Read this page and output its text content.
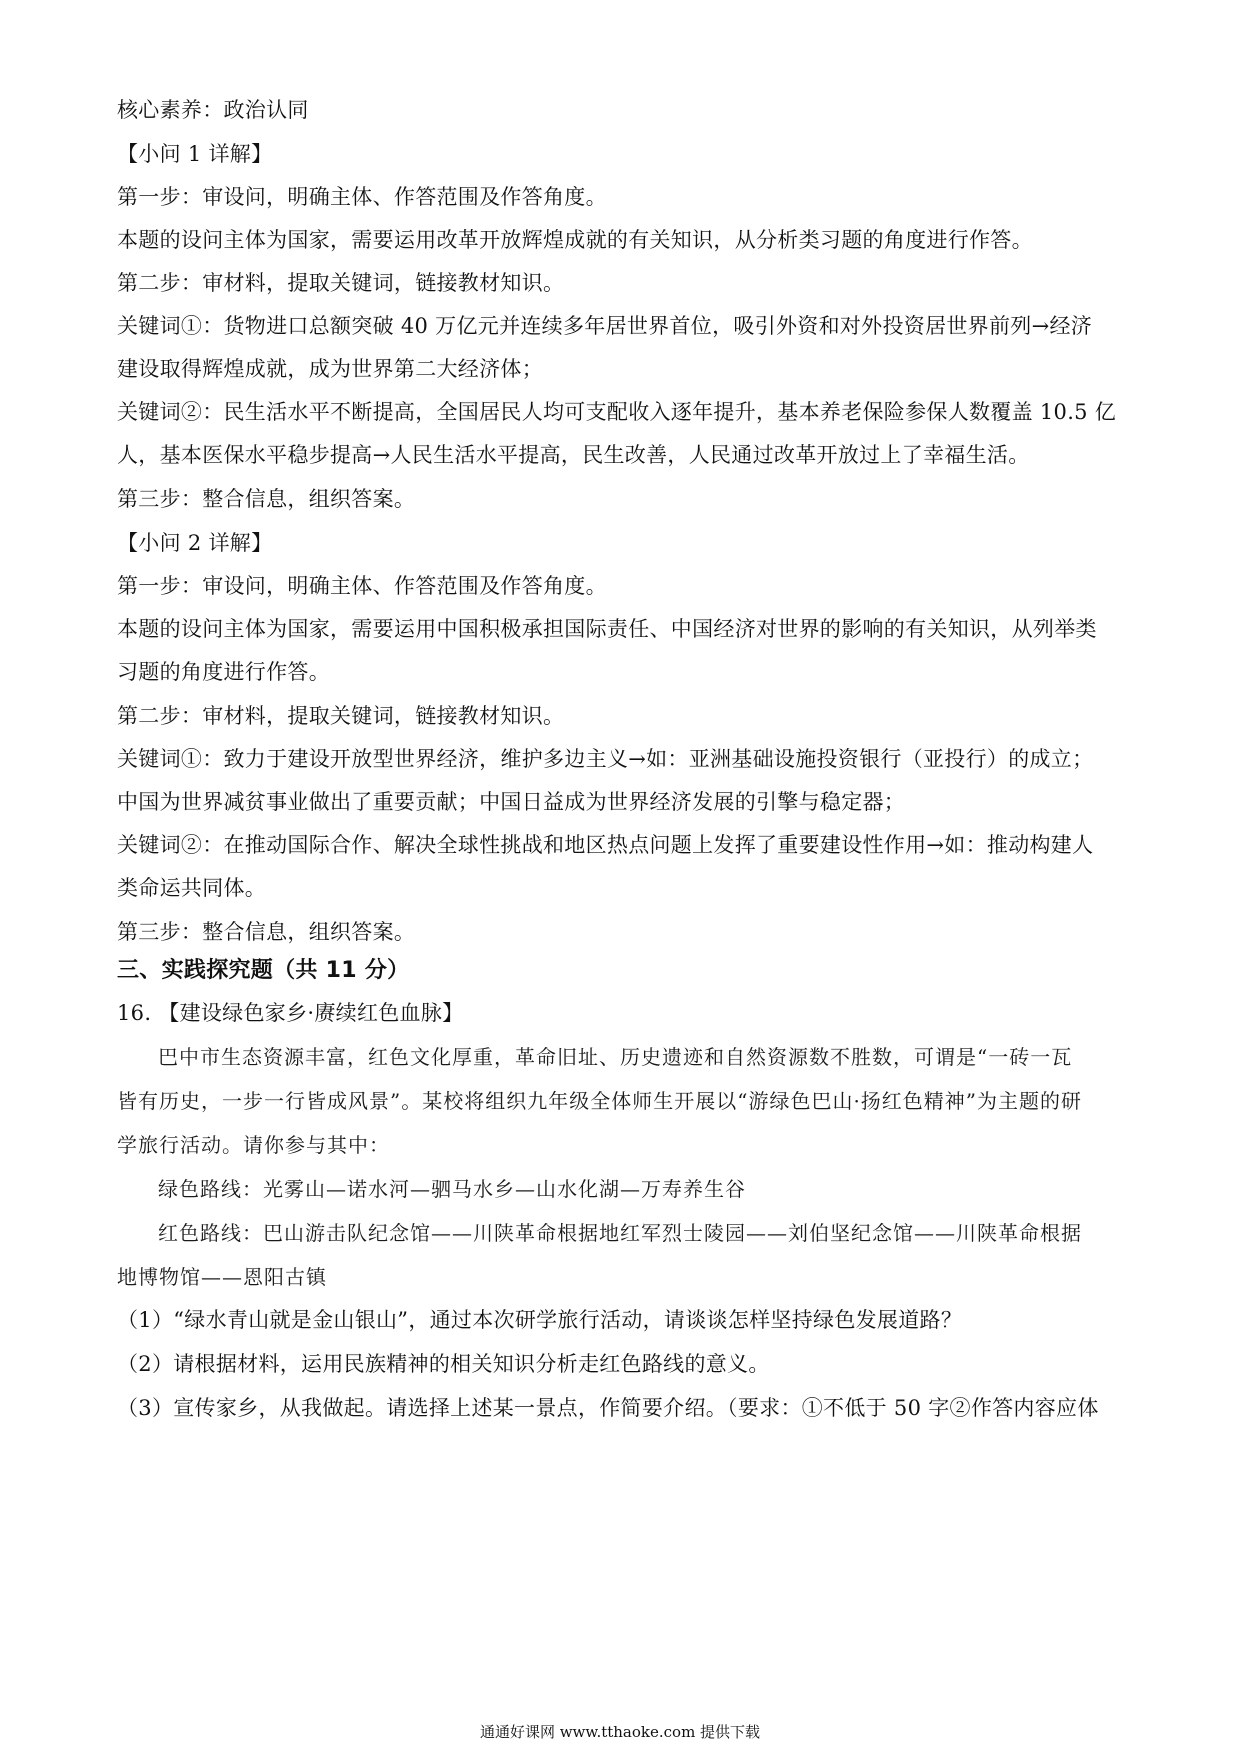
核心素养：政治认同
【小问 1 详解】
第一步：审设问，明确主体、作答范围及作答角度。
本题的设问主体为国家，需要运用改革开放辉煌成就的有关知识，从分析类习题的角度进行作答。
第二步：审材料，提取关键词，链接教材知识。
关键词①：货物进口总额突破 40 万亿元并连续多年居世界首位，吸引外资和对外投资居世界前列→经济
建设取得辉煌成就，成为世界第二大经济体；
关键词②：民生活水平不断提高，全国居民人均可支配收入逐年提升，基本养老保险参保人数覆盖 10.5 亿
人，基本医保水平稳步提高→人民生活水平提高，民生改善，人民通过改革开放过上了幸福生活。
第三步：整合信息，组织答案。
【小问 2 详解】
第一步：审设问，明确主体、作答范围及作答角度。
本题的设问主体为国家，需要运用中国积极承担国际责任、中国经济对世界的影响的有关知识，从列举类
习题的角度进行作答。
第二步：审材料，提取关键词，链接教材知识。
关键词①：致力于建设开放型世界经济，维护多边主义→如：亚洲基础设施投资银行（亚投行）的成立；
中国为世界减贫事业做出了重要贡献；中国日益成为世界经济发展的引擎与稳定器；
关键词②：在推动国际合作、解决全球性挑战和地区热点问题上发挥了重要建设性作用→如：推动构建人
类命运共同体。
第三步：整合信息，组织答案。
三、实践探究题（共 11 分）
16. 【建设绿色家乡·赓续红色血脉】
巴中市生态资源丰富，红色文化厚重，革命旧址、历史遗迹和自然资源数不胜数，可谓是“一砖一瓦
皆有历史，一步一行皆成风景”。某校将组织九年级全体师生开展以“游绿色巴山·扬红色精神”为主题的研
学旅行活动。请你参与其中：
绿色路线：光雾山—诺水河—驷马水乡—山水化湖—万寿养生谷
红色路线：巴山游击队纪念馆——川陕革命根据地红军烈士陵园——刘伯坚纪念馆——川陕革命根据
地博物馆——恩阳古镇
（1）“绿水青山就是金山银山”，通过本次研学旅行活动，请谈谈怎样坚持绿色发展道路？
（2）请根据材料，运用民族精神的相关知识分析走红色路线的意义。
（3）宣传家乡，从我做起。请选择上述某一景点，作简要介绍。（要求：①不低于 50 字②作答内容应体
通通好课网 www.tthaoke.com 提供下载
